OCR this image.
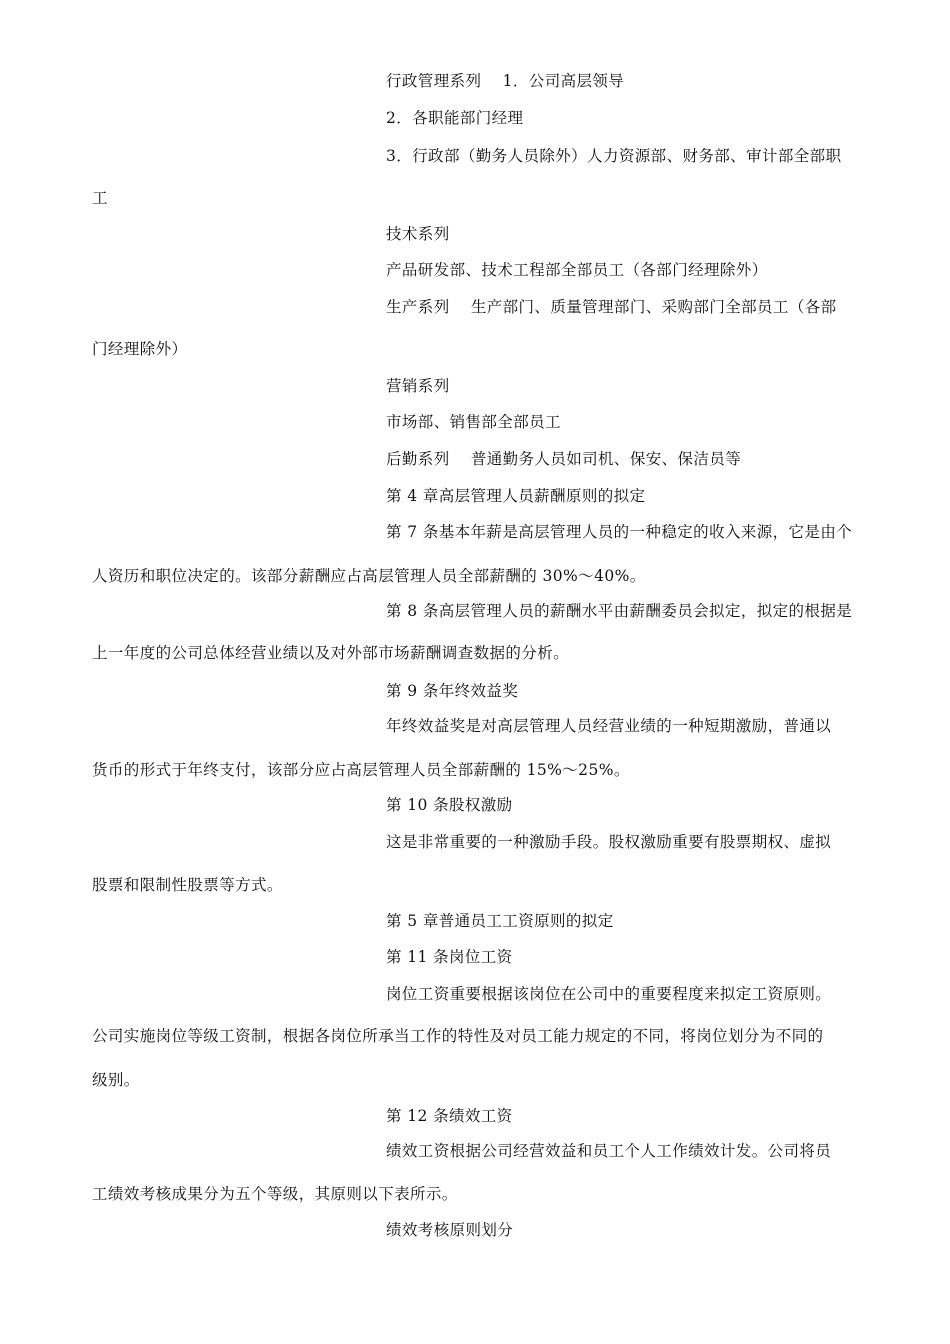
行政管理系列　 1．公司高层领导
2．各职能部门经理
3．行政部（勤务人员除外）人力资源部、财务部、审计部全部职
工
技术系列
产品研发部、技术工程部全部员工（各部门经理除外）
生产系列　 生产部门、质量管理部门、采购部门全部员工（各部
门经理除外）
营销系列
市场部、销售部全部员工
后勤系列　 普通勤务人员如司机、保安、保洁员等
第 4 章高层管理人员薪酬原则的拟定
第 7 条基本年薪是高层管理人员的一种稳定的收入来源，它是由个
人资历和职位决定的。该部分薪酬应占高层管理人员全部薪酬的 30%～40%。
第 8 条高层管理人员的薪酬水平由薪酬委员会拟定，拟定的根据是
上一年度的公司总体经营业绩以及对外部市场薪酬调查数据的分析。
第 9 条年终效益奖
年终效益奖是对高层管理人员经营业绩的一种短期激励，普通以
货币的形式于年终支付，该部分应占高层管理人员全部薪酬的 15%～25%。
第 10 条股权激励
这是非常重要的一种激励手段。股权激励重要有股票期权、虚拟
股票和限制性股票等方式。
第 5 章普通员工工资原则的拟定
第 11 条岗位工资
岗位工资重要根据该岗位在公司中的重要程度来拟定工资原则。
公司实施岗位等级工资制，根据各岗位所承当工作的特性及对员工能力规定的不同，将岗位划分为不同的
级别。
第 12 条绩效工资
绩效工资根据公司经营效益和员工个人工作绩效计发。公司将员
工绩效考核成果分为五个等级，其原则以下表所示。
绩效考核原则划分
